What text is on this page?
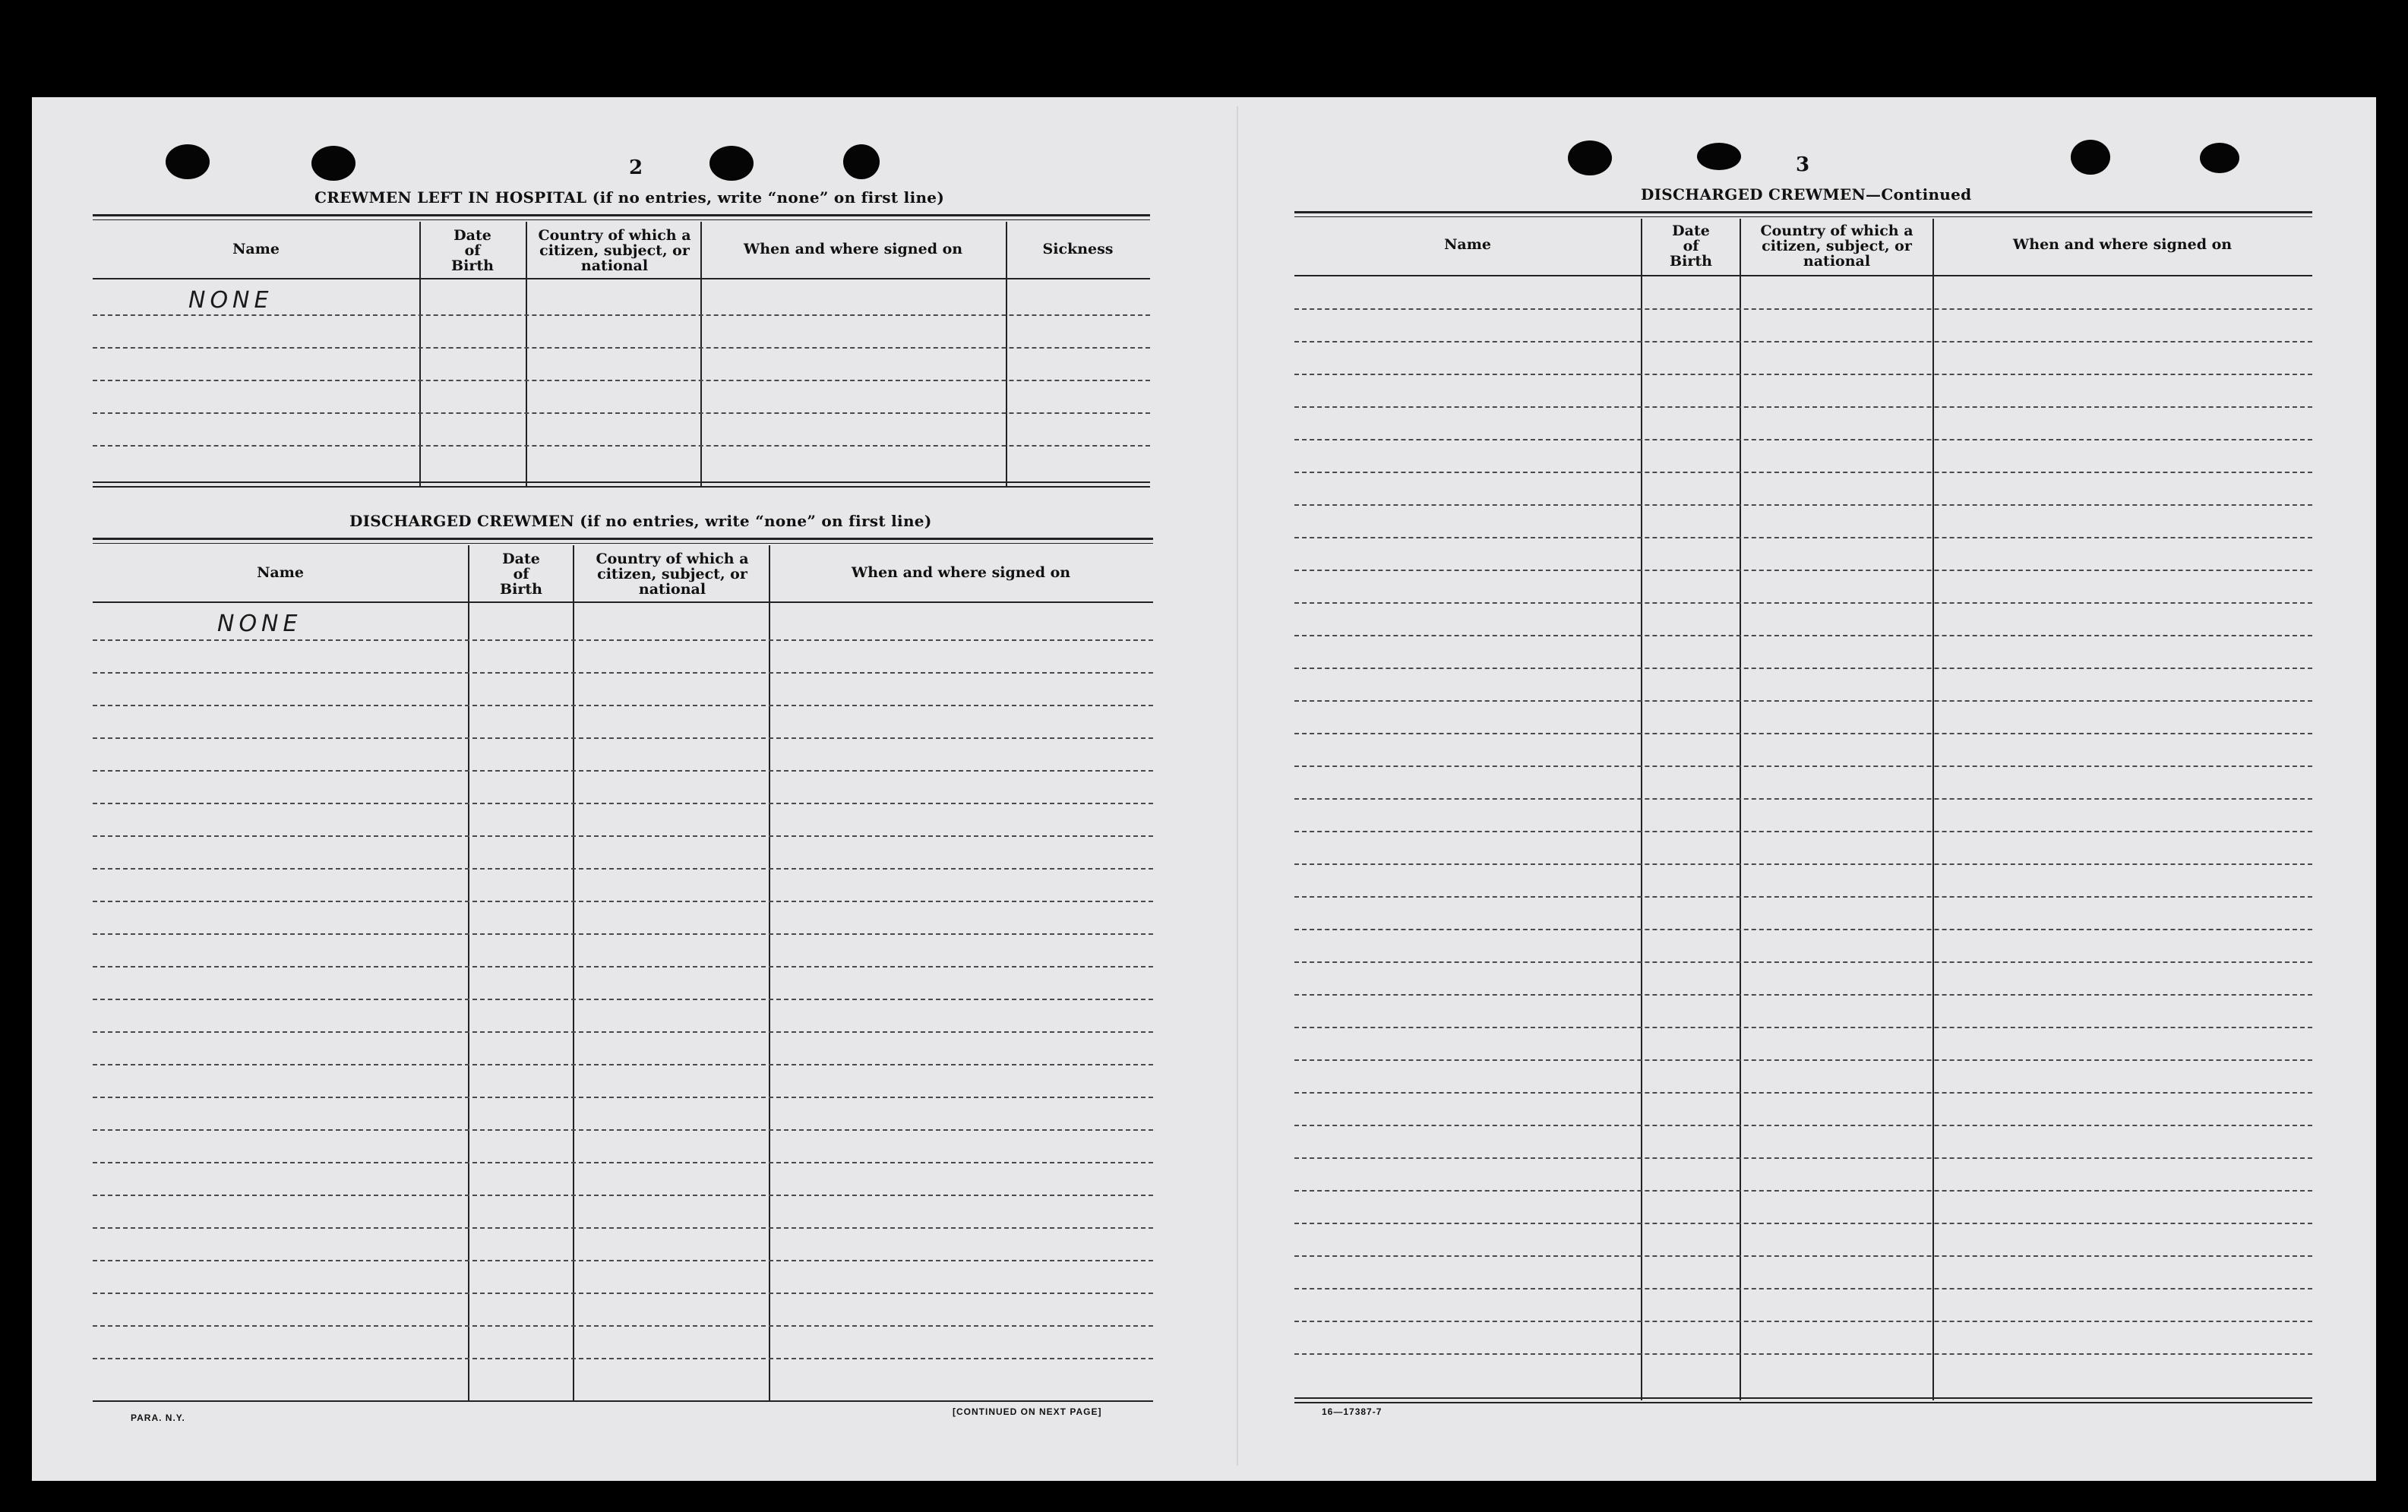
2
CREWMEN LEFT IN HOSPITAL (if no entries, write “none” on first line)
Name
Date
of
Birth
Country of which a
citizen, subject, or
national
When and where signed on	Sickness
NONE
DISCHARGED CREWMEN (if no entries, write “none” on first line)
Name
Date
of
Birth
Country of which a
citizen, subject, or
national
When and where signed on
NONE
PARA. N.Y.
[CONTINUED ON NEXT PAGE]
3
DISCHARGED CREWMEN—Continued
Name
Date
of
Birth
Country of which a
citizen, subject, or
national
When and where signed on
16—17387-7
